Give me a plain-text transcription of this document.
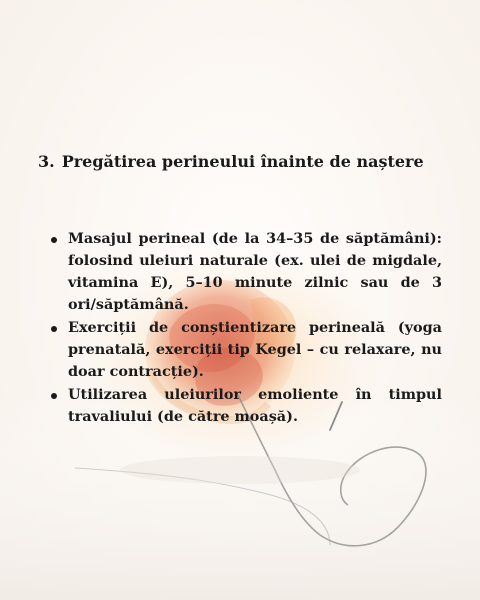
3. Pregătirea perineului înainte de naștere
Masajul perineal (de la 34–35 de săptămâni): folosind uleiuri naturale (ex. ulei de migdale, vitamina E), 5–10 minute zilnic sau de 3 ori/săptămână.
Exerciții de conștientizare perineală (yoga prenatală, exerciții tip Kegel – cu relaxare, nu doar contracție).
Utilizarea uleiurilor emoliente în timpul travaliului (de către moașă).
